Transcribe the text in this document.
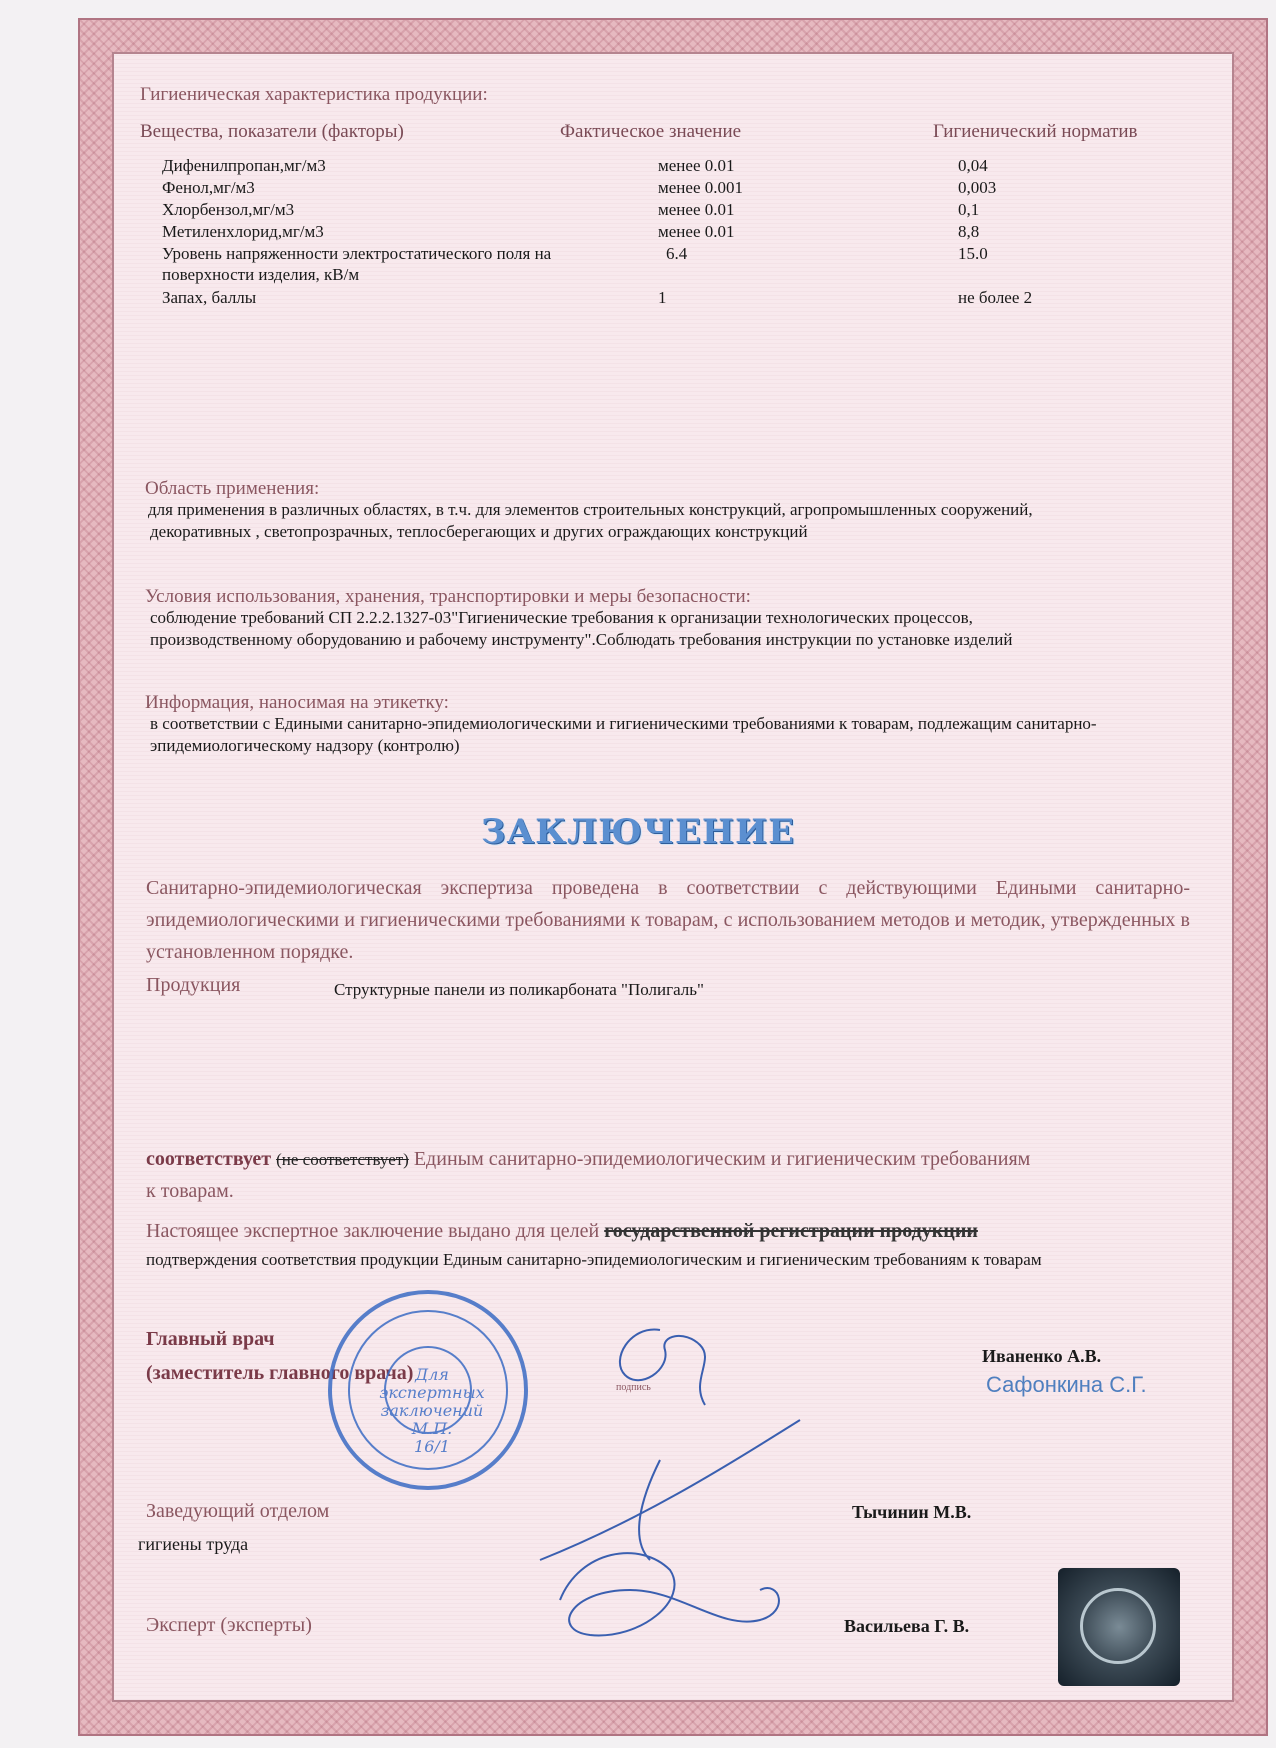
Гигиеническая характеристика продукции:
Вещества, показатели (факторы)	Фактическое значение	Гигиенический норматив
Дифенилпропан,мг/м3	менее 0.01	0,04
Фенол,мг/м3	менее 0.001	0,003
Хлорбензол,мг/м3	менее 0.01	0,1
Метиленхлорид,мг/м3	менее 0.01	8,8
Уровень напряженности электростатического поля на
поверхности изделия, кВ/м
6.4	15.0
Запах, баллы	1	не более 2
Область применения:
для применения в различных областях, в т.ч. для элементов строительных конструкций, агропромышленных сооружений,
декоративных , светопрозрачных, теплосберегающих и других ограждающих конструкций
Условия использования, хранения, транспортировки и меры безопасности:
соблюдение требований СП 2.2.2.1327-03"Гигиенические требования к организации технологических процессов,
производственному оборудованию и рабочему инструменту".Соблюдать требования инструкции по установке изделий
Информация, наносимая на этикетку:
в соответствии с Едиными санитарно-эпидемиологическими и гигиеническими требованиями к товарам, подлежащим санитарно-
эпидемиологическому надзору (контролю)
ЗАКЛЮЧЕНИЕ
Санитарно-эпидемиологическая экспертиза проведена в соответствии с действующими Едиными санитарно-эпидемиологическими и гигиеническими требованиями к товарам, с использованием методов и методик, утвержденных в установленном порядке.
Продукция	Структурные панели из поликарбоната "Полигаль"
соответствует (не соответствует) Единым санитарно-эпидемиологическим и гигиеническим требованиям
к товарам.
Настоящее экспертное заключение выдано для целей государственной регистрации продукции
подтверждения соответствия продукции Единым санитарно-эпидемиологическим и гигиеническим требованиям к товарам
Главный врач
(заместитель главного врача)
Иваненко А.В.
Сафонкина С.Г.
подпись
Заведующий отделом
гигиены труда
Тычинин М.В.
Эксперт (эксперты)	Васильева Г. В.
Для
экспертных
заключений
М.П.
16/1
